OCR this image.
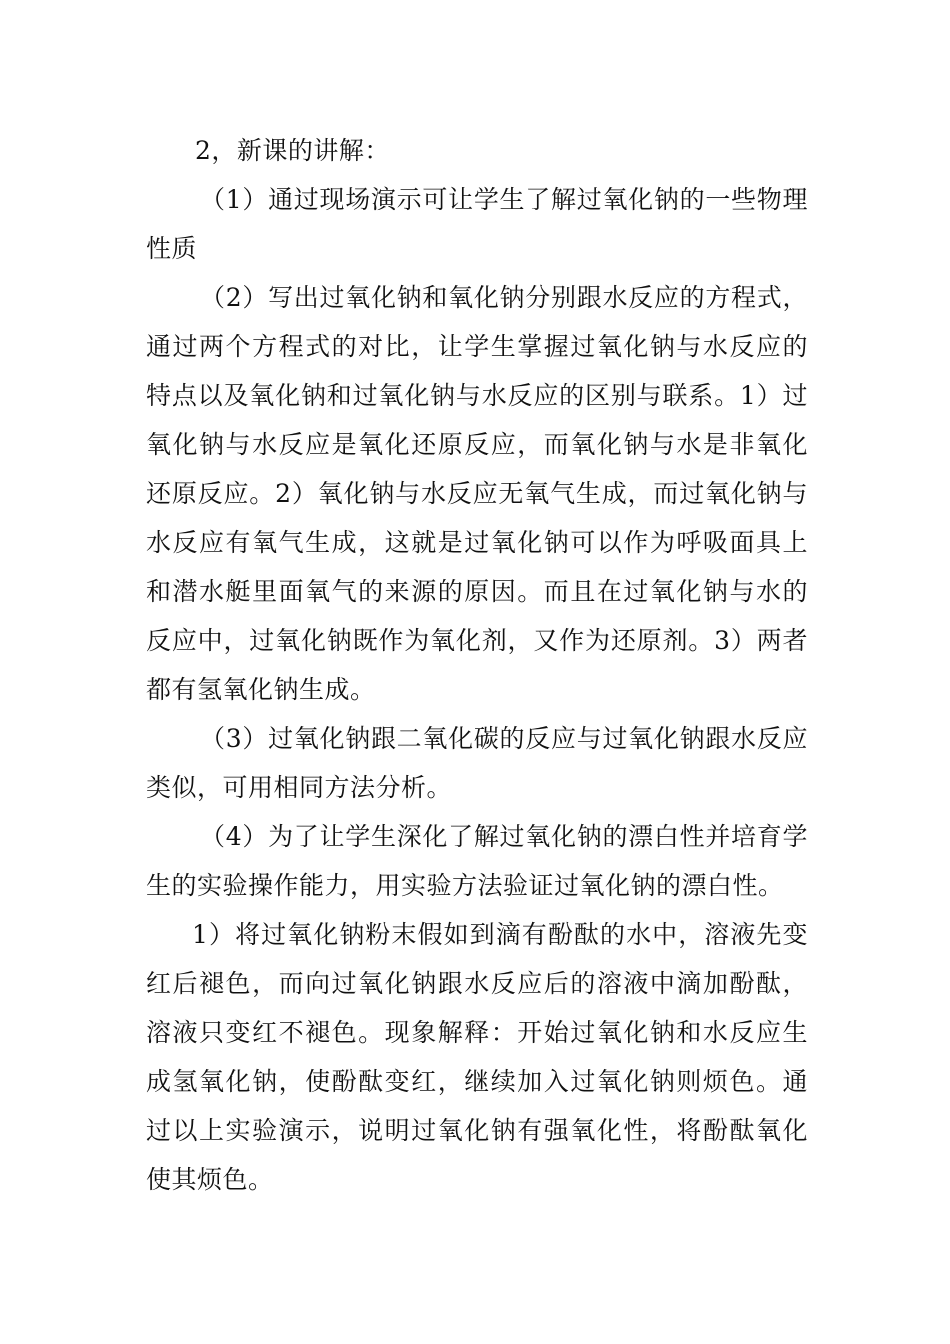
2，新课的讲解：

（1）通过现场演示可让学生了解过氧化钠的一些物理性质

（2）写出过氧化钠和氧化钠分别跟水反应的方程式，通过两个方程式的对比，让学生掌握过氧化钠与水反应的特点以及氧化钠和过氧化钠与水反应的区别与联系。1）过氧化钠与水反应是氧化还原反应，而氧化钠与水是非氧化还原反应。2）氧化钠与水反应无氧气生成，而过氧化钠与水反应有氧气生成，这就是过氧化钠可以作为呼吸面具上和潜水艇里面氧气的来源的原因。而且在过氧化钠与水的反应中，过氧化钠既作为氧化剂，又作为还原剂。3）两者都有氢氧化钠生成。

（3）过氧化钠跟二氧化碳的反应与过氧化钠跟水反应类似，可用相同方法分析。

（4）为了让学生深化了解过氧化钠的漂白性并培育学生的实验操作能力，用实验方法验证过氧化钠的漂白性。

1）将过氧化钠粉末假如到滴有酚酞的水中，溶液先变红后褪色，而向过氧化钠跟水反应后的溶液中滴加酚酞，溶液只变红不褪色。现象解释：开始过氧化钠和水反应生成氢氧化钠，使酚酞变红，继续加入过氧化钠则烦色。通过以上实验演示，说明过氧化钠有强氧化性，将酚酞氧化使其烦色。
